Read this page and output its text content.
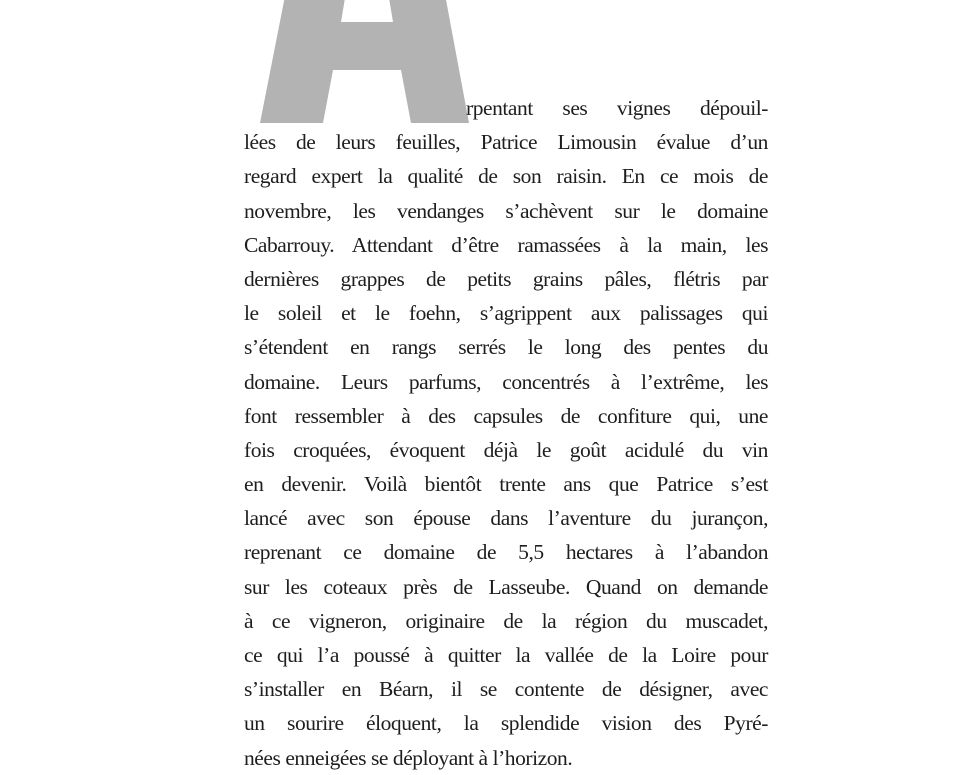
rpentant ses vignes dépouil-
lées de leurs feuilles, Patrice Limousin évalue d’un
regard expert la qualité de son raisin. En ce mois de
novembre, les vendanges s’achèvent sur le domaine
Cabarrouy. Attendant d’être ramassées à la main, les
dernières grappes de petits grains pâles, flétris par
le soleil et le foehn, s’agrippent aux palissages qui
s’étendent en rangs serrés le long des pentes du
domaine. Leurs parfums, concentrés à l’extrême, les
font ressembler à des capsules de confiture qui, une
fois croquées, évoquent déjà le goût acidulé du vin
en devenir. Voilà bientôt trente ans que Patrice s’est
lancé avec son épouse dans l’aventure du jurançon,
reprenant ce domaine de 5,5 hectares à l’abandon
sur les coteaux près de Lasseube. Quand on demande
à ce vigneron, originaire de la région du muscadet,
ce qui l’a poussé à quitter la vallée de la Loire pour
s’installer en Béarn, il se contente de désigner, avec
un sourire éloquent, la splendide vision des Pyré-
nées enneigées se déployant à l’horizon.
